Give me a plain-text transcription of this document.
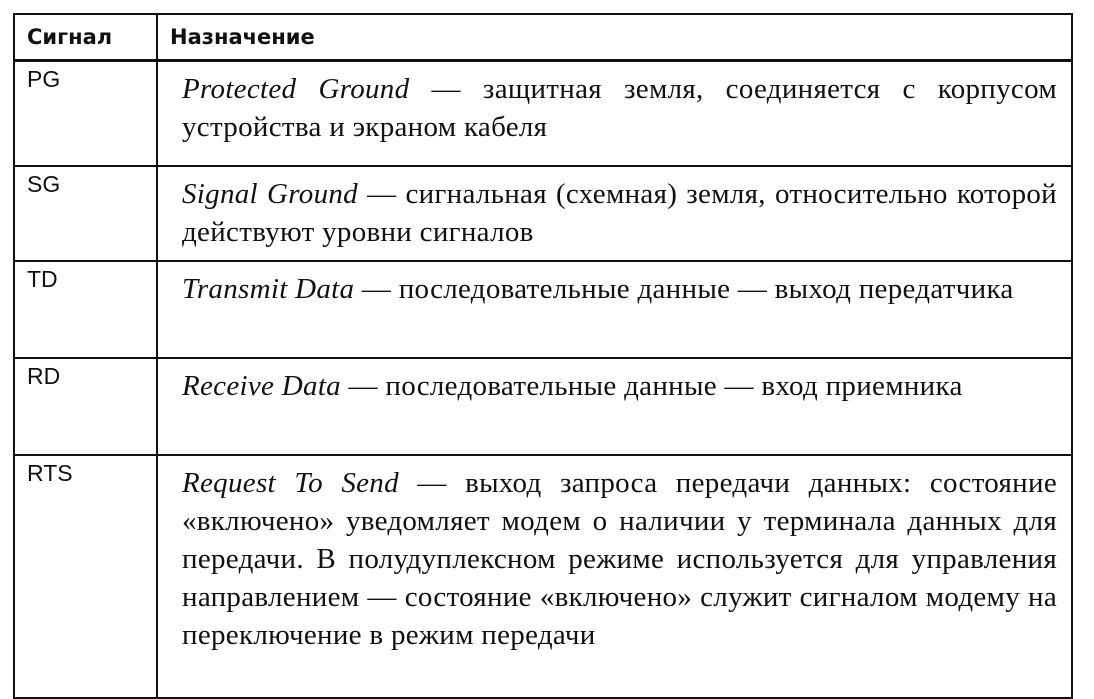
Сигнал	Назначение
PG	Protected Ground — защитная земля, соединяется с корпусом устройства и экраном кабеля
SG	Signal Ground — сигнальная (схемная) земля, относительно которой действуют уровни сигналов
TD	Transmit Data — последовательные данные — выход передатчика
RD	Receive Data — последовательные данные — вход приемника
RTS	Request To Send — выход запроса передачи данных: состояние «включено» уведомляет модем о наличии у терминала данных для передачи. В полудуплексном режиме используется для управления направлением — состояние «включено» служит сигналом модему на переключение в режим передачи
